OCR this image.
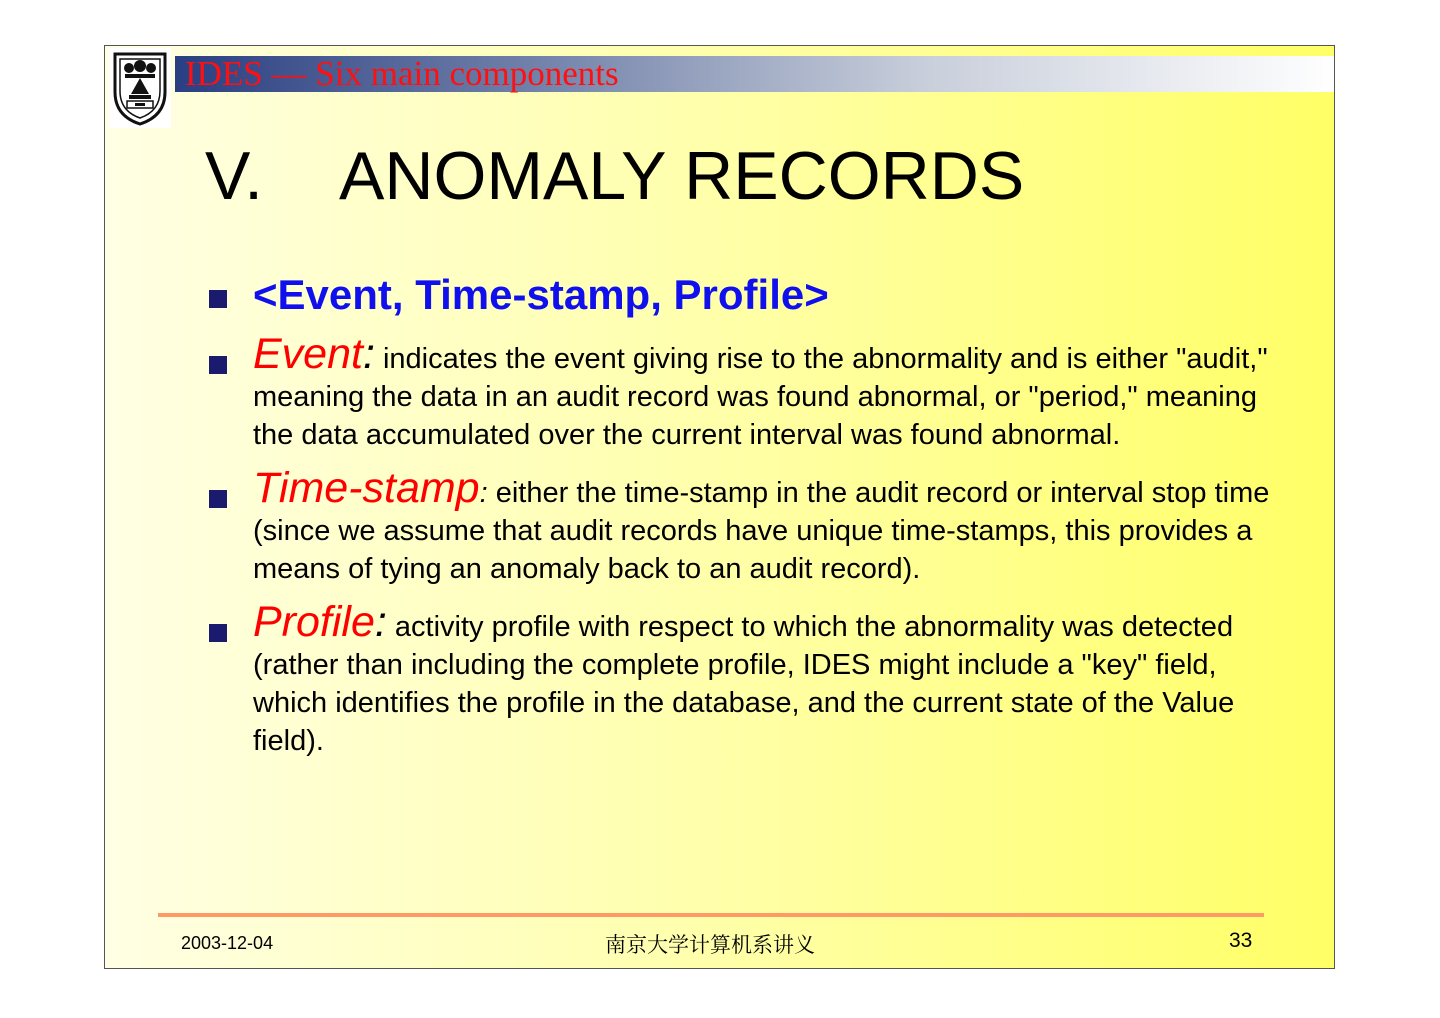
IDES — Six main components
V. ANOMALY RECORDS
<Event, Time-stamp, Profile>
Event: indicates the event giving rise to the abnormality and is either "audit," meaning the data in an audit record was found abnormal, or "period," meaning the data accumulated over the current interval was found abnormal.
Time-stamp: either the time-stamp in the audit record or interval stop time (since we assume that audit records have unique time-stamps, this provides a means of tying an anomaly back to an audit record).
Profile: activity profile with respect to which the abnormality was detected (rather than including the complete profile, IDES might include a "key" field, which identifies the profile in the database, and the current state of the Value field).
2003-12-04	南京大学计算机系讲义	33
